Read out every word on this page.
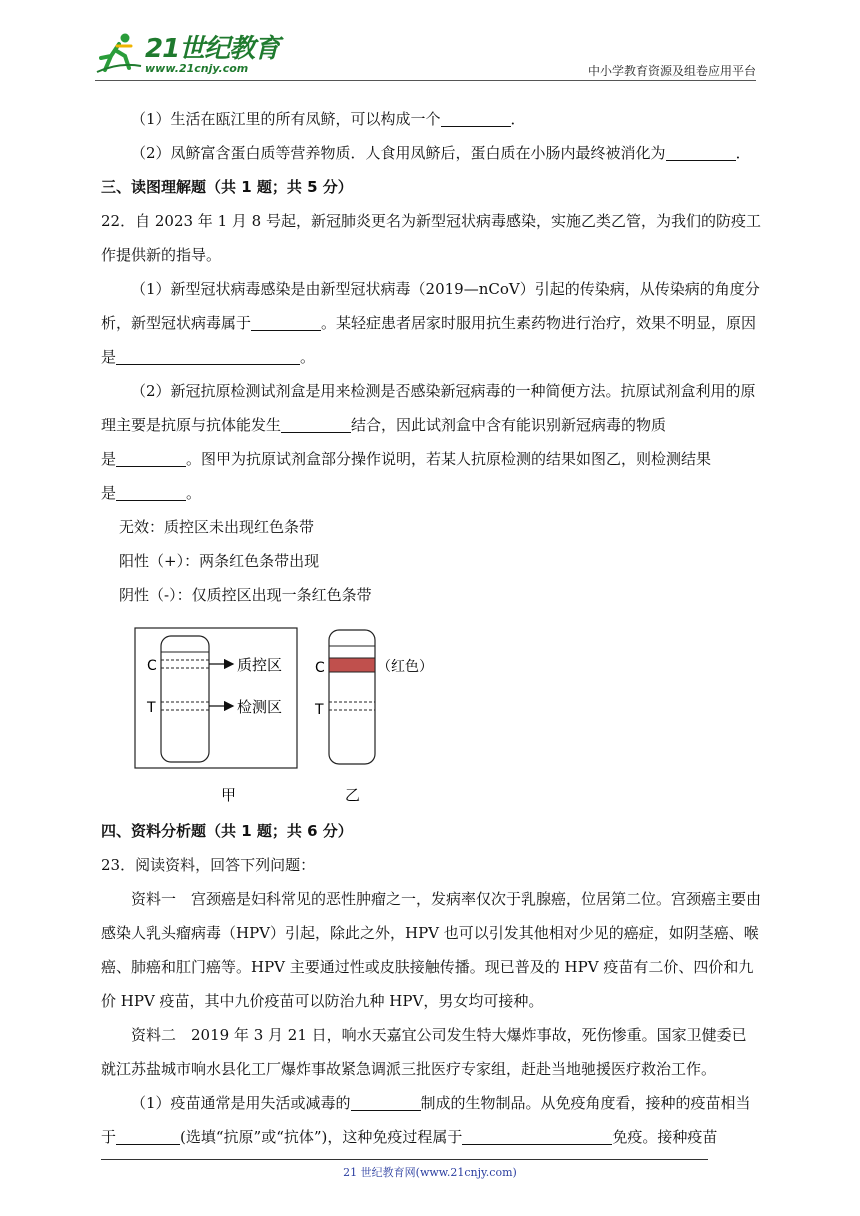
21世纪教育
www.21cnjy.com	中小学教育资源及组卷应用平台

（1）生活在瓯江里的所有凤鲚，可以构成一个	．

（2）凤鲚富含蛋白质等营养物质．人食用凤鲚后，蛋白质在小肠内最终被消化为	．

三、读图理解题（共 1 题；共 5 分）

22．自 2023 年 1 月 8 号起，新冠肺炎更名为新型冠状病毒感染，实施乙类乙管，为我们的防疫工作提供新的指导。

（1）新型冠状病毒感染是由新型冠状病毒（2019—nCoV）引起的传染病，从传染病的角度分析，新型冠状病毒属于	。某轻症患者居家时服用抗生素药物进行治疗，效果不明显，原因是	。

（2）新冠抗原检测试剂盒是用来检测是否感染新冠病毒的一种简便方法。抗原试剂盒利用的原理主要是抗原与抗体能发生	结合，因此试剂盒中含有能识别新冠病毒的物质

是	。图甲为抗原试剂盒部分操作说明，若某人抗原检测的结果如图乙，则检测结果

是	。

无效：质控区未出现红色条带
阳性（+）：两条红色条带出现
阴性（-）：仅质控区出现一条红色条带
C
T
质控区
检测区
甲
C
T
（红色）
乙

四、资料分析题（共 1 题；共 6 分）

23．阅读资料，回答下列问题：

资料一　宫颈癌是妇科常见的恶性肿瘤之一，发病率仅次于乳腺癌，位居第二位。宫颈癌主要由感染人乳头瘤病毒（HPV）引起，除此之外，HPV 也可以引发其他相对少见的癌症，如阴茎癌、喉癌、肺癌和肛门癌等。HPV 主要通过性或皮肤接触传播。现已普及的 HPV 疫苗有二价、四价和九价 HPV 疫苗，其中九价疫苗可以防治九种 HPV，男女均可接种。

资料二　2019 年 3 月 21 日，响水天嘉宜公司发生特大爆炸事故，死伤惨重。国家卫健委已就江苏盐城市响水县化工厂爆炸事故紧急调派三批医疗专家组，赶赴当地驰援医疗救治工作。

（1）疫苗通常是用失活或减毒的	制成的生物制品。从免疫角度看，接种的疫苗相当于	(选填“抗原”或“抗体”)，这种免疫过程属于	免疫。接种疫苗

21 世纪教育网(www.21cnjy.com)
